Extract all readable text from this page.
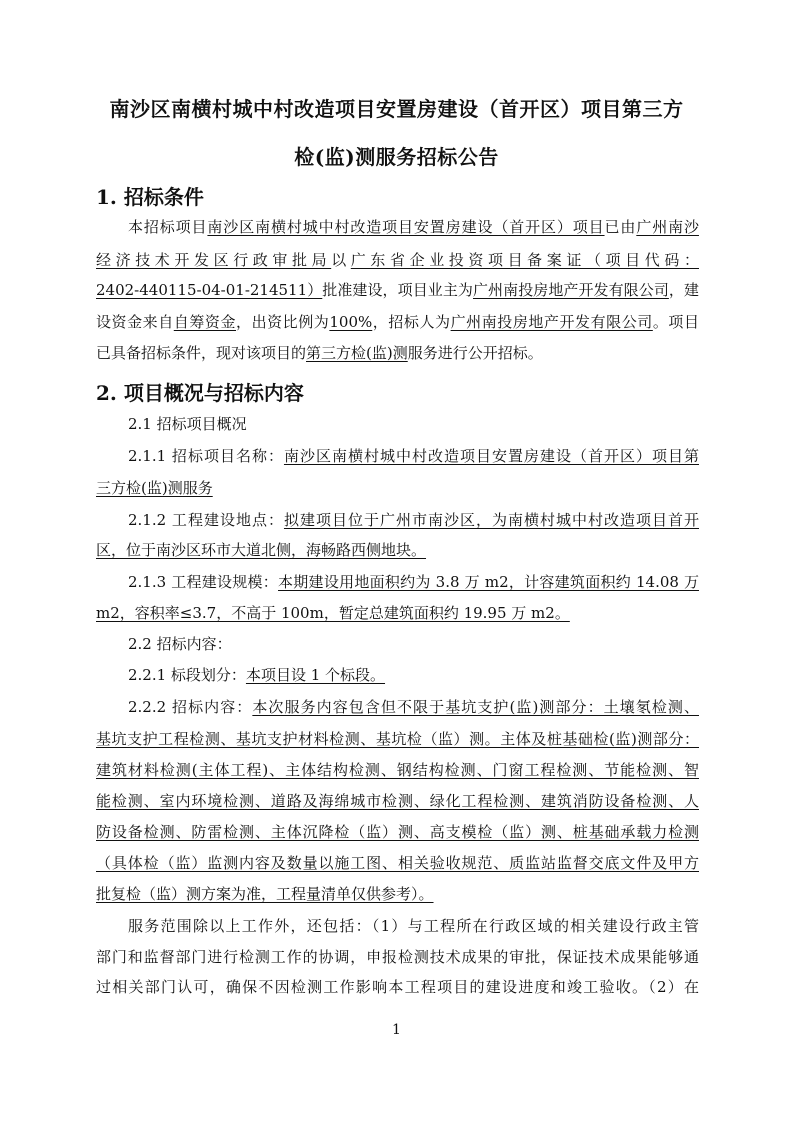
南沙区南横村城中村改造项目安置房建设（首开区）项目第三方
检(监)测服务招标公告
1. 招标条件
本招标项目南沙区南横村城中村改造项目安置房建设（首开区）项目已由广州南沙
经济技术开发区行政审批局以广东省企业投资项目备案证（项目代码：
2402-440115-04-01-214511）批准建设，项目业主为广州南投房地产开发有限公司，建
设资金来自自筹资金，出资比例为100%，招标人为广州南投房地产开发有限公司。项目
已具备招标条件，现对该项目的第三方检(监)测服务进行公开招标。
2. 项目概况与招标内容
2.1 招标项目概况
2.1.1 招标项目名称：南沙区南横村城中村改造项目安置房建设（首开区）项目第
三方检(监)测服务
2.1.2 工程建设地点：拟建项目位于广州市南沙区，为南横村城中村改造项目首开
区，位于南沙区环市大道北侧，海畅路西侧地块。
2.1.3 工程建设规模：本期建设用地面积约为 3.8 万 m2，计容建筑面积约 14.08 万
m2，容积率≤3.7，不高于 100m，暂定总建筑面积约 19.95 万 m2。
2.2 招标内容：
2.2.1 标段划分：本项目设 1 个标段。
2.2.2 招标内容：本次服务内容包含但不限于基坑支护(监)测部分：土壤氡检测、
基坑支护工程检测、基坑支护材料检测、基坑检（监）测。主体及桩基础检(监)测部分：
建筑材料检测(主体工程)、主体结构检测、钢结构检测、门窗工程检测、节能检测、智
能检测、室内环境检测、道路及海绵城市检测、绿化工程检测、建筑消防设备检测、人
防设备检测、防雷检测、主体沉降检（监）测、高支模检（监）测、桩基础承载力检测
（具体检（监）监测内容及数量以施工图、相关验收规范、质监站监督交底文件及甲方
批复检（监）测方案为准，工程量清单仅供参考）。
服务范围除以上工作外，还包括：（1）与工程所在行政区域的相关建设行政主管
部门和监督部门进行检测工作的协调，申报检测技术成果的审批，保证技术成果能够通
过相关部门认可，确保不因检测工作影响本工程项目的建设进度和竣工验收。（2）在
1
